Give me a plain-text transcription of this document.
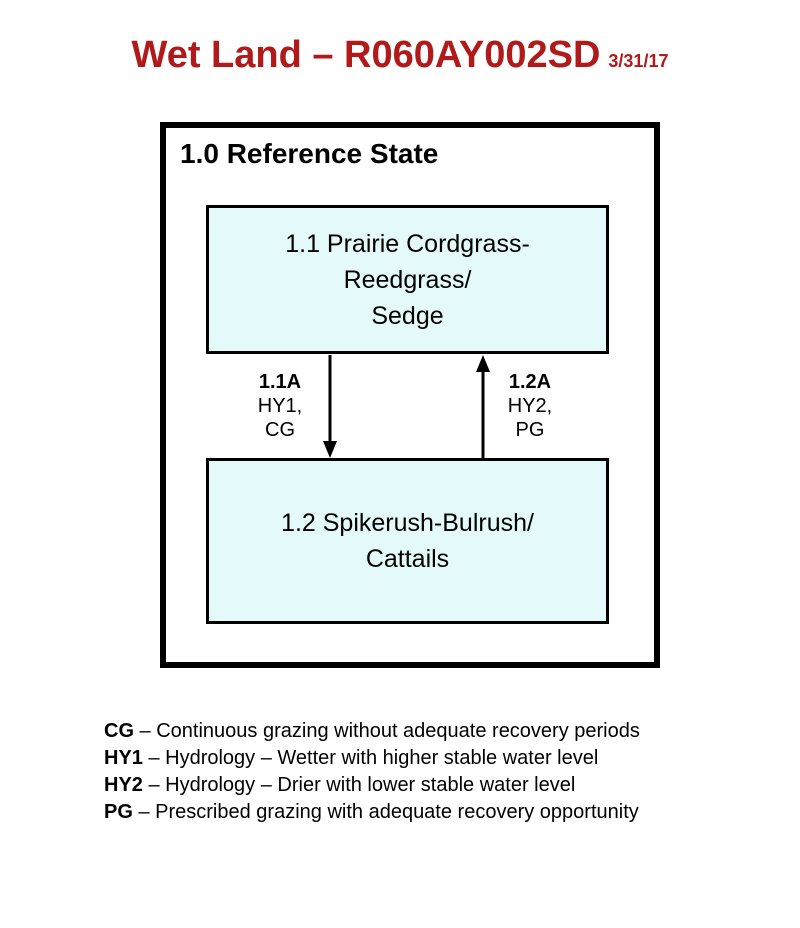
Wet Land – R060AY002SD 3/31/17
1.0 Reference State
1.1 Prairie Cordgrass-
Reedgrass/
Sedge
1.2 Spikerush-Bulrush/
Cattails
1.1A
HY1,
CG
1.2A
HY2,
PG
CG – Continuous grazing without adequate recovery periods
HY1 – Hydrology – Wetter with higher stable water level
HY2 – Hydrology – Drier with lower stable water level
PG – Prescribed grazing with adequate recovery opportunity
